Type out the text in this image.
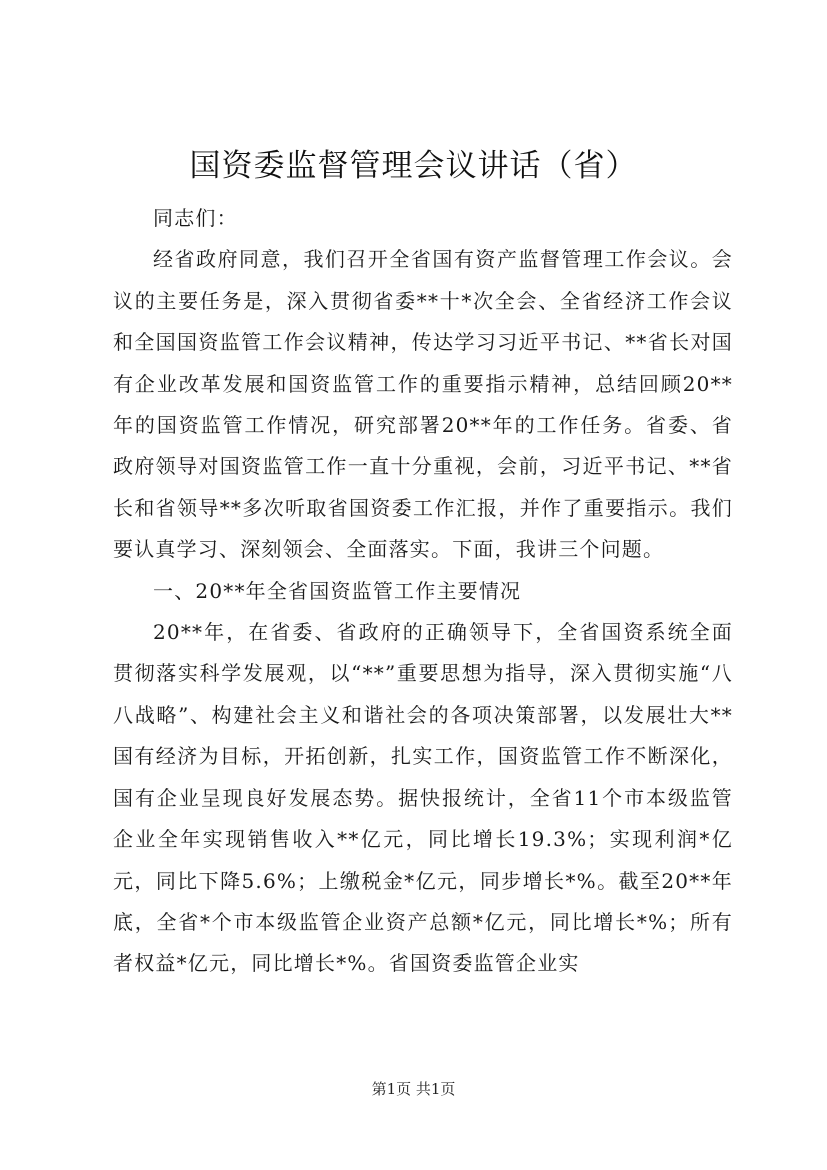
国资委监督管理会议讲话（省）

同志们：

经省政府同意，我们召开全省国有资产监督管理工作会议。会议的主要任务是，深入贯彻省委**十*次全会、全省经济工作会议和全国国资监管工作会议精神，传达学习习近平书记、**省长对国有企业改革发展和国资监管工作的重要指示精神，总结回顾20**年的国资监管工作情况，研究部署20**年的工作任务。省委、省政府领导对国资监管工作一直十分重视，会前，习近平书记、**省长和省领导**多次听取省国资委工作汇报，并作了重要指示。我们要认真学习、深刻领会、全面落实。下面，我讲三个问题。

一、20**年全省国资监管工作主要情况

20**年，在省委、省政府的正确领导下，全省国资系统全面贯彻落实科学发展观，以“**”重要思想为指导，深入贯彻实施“八八战略”、构建社会主义和谐社会的各项决策部署，以发展壮大**国有经济为目标，开拓创新，扎实工作，国资监管工作不断深化，国有企业呈现良好发展态势。据快报统计，全省11个市本级监管企业全年实现销售收入**亿元，同比增长19.3%；实现利润*亿元，同比下降5.6%；上缴税金*亿元，同步增长*%。截至20**年底，全省*个市本级监管企业资产总额*亿元，同比增长*%；所有者权益*亿元，同比增长*%。省国资委监管企业实

第1页 共1页
